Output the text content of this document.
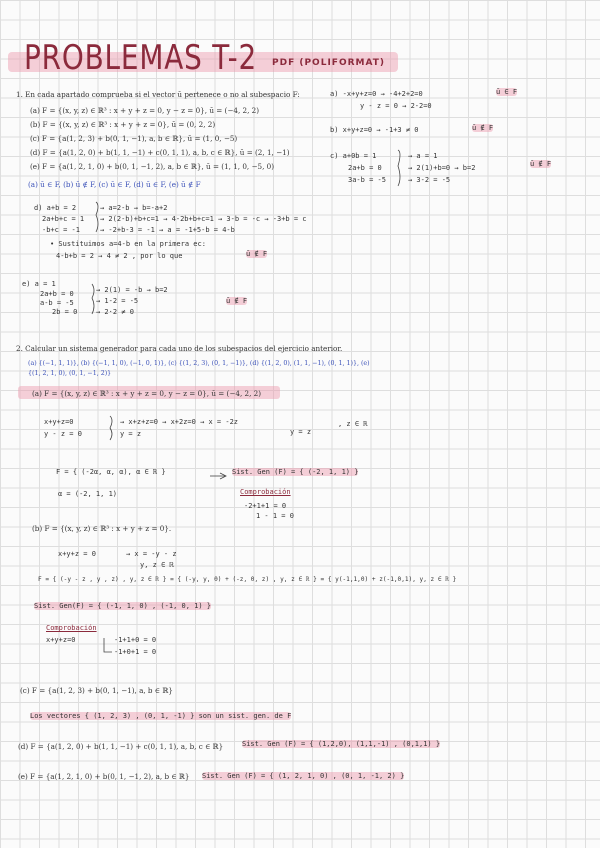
PROBLEMAS T-2 PDF (POLIFORMAT)
1. En cada apartado comprueba si el vector ū pertenece o no al subespacio F:
(a) F = {(x, y, z) ∈ ℝ³ : x + y + z = 0, y − z = 0}, ū = (−4, 2, 2)
(b) F = {(x, y, z) ∈ ℝ³ : x + y + z = 0}, ū = (0, 2, 2)
(c) F = {a(1, 2, 3) + b(0, 1, −1), a, b ∈ ℝ}, ū = (1, 0, −5)
(d) F = {a(1, 2, 0) + b(1, 1, −1) + c(0, 1, 1), a, b, c ∈ ℝ}, ū = (2, 1, −1)
(e) F = {a(1, 2, 1, 0) + b(0, 1, −1, 2), a, b ∈ ℝ}, ū = (1, 1, 0, −5, 0)
(a) ū ∈ F, (b) ū ∉ F, (c) ū ∈ F, (d) ū ∈ F, (e) ū ∉ F
a) -x+y+z=0 → -4+2+2=0	ū ∈ F
y - z = 0 → 2-2=0
b) x+y+z=0 → -1+3 ≠ 0	ū ∉ F
c) a+0b = 1	→ a = 1
2a+b = 0	→ 2(1)+b=0 → b=2	ū ∉ F
3a-b = -5	→ 3-2 = -5
d) a+b = 2	→ a=2-b → b=-a+2
2a+b+c = 1 → 2(2-b)+b+c=1 → 4-2b+b+c=1 → 3-b = -c → -3+b = c
-b+c = -1	→ -2+b-3 = -1 → a = -1+5-b = 4-b
• Sustituimos a=4-b en la primera ec:
4-b+b = 2 → 4 ≠ 2 , por lo que	ū ∉ F
e) a = 1
2a+b = 0	→ 2(1) = -b → b=2
a-b = -5	→ 1-2 = -5	ū ∉ F
2b = 0	→ 2·2 ≠ 0
2. Calcular un sistema generador para cada uno de los subespacios del ejercicio anterior.
(a) {(−1, 1, 1)}, (b) {(−1, 1, 0), (−1, 0, 1)}, (c) {(1, 2, 3), (0, 1, −1)}, (d) {(1, 2, 0), (1, 1, −1), (0, 1, 1)}, (e)
{(1, 2, 1, 0), (0, 1, −1, 2)}
(a) F = {(x, y, z) ∈ ℝ³ : x + y + z = 0, y − z = 0}, ū = (−4, 2, 2)
x+y+z=0	→ x+z+z=0 → x+2z=0 → x = -2z
y - z = 0	y = z	y = z
, z ∈ ℝ
F = { (-2α, α, α), α ∈ ℝ }
α = (-2, 1, 1)
Sist. Gen (F) = { (-2, 1, 1) }
Comprobación
-2+1+1 = 0
1 - 1 = 0
(b) F = {(x, y, z) ∈ ℝ³ : x + y + z = 0}.
x+y+z = 0	→ x = -y - z
y, z ∈ ℝ
F = { (-y - z , y , z) , y, z ∈ ℝ } = { (-y, y, 0) + (-z, 0, z) , y, z ∈ ℝ } = { y(-1,1,0) + z(-1,0,1), y, z ∈ ℝ }
Sist. Gen(F) = { (-1, 1, 0) , (-1, 0, 1) }
Comprobación
x+y+z=0	-1+1+0 = 0
-1+0+1 = 0
(c) F = {a(1, 2, 3) + b(0, 1, −1), a, b ∈ ℝ}
Los vectores { (1, 2, 3) , (0, 1, -1) } son un sist. gen. de F
(d) F = {a(1, 2, 0) + b(1, 1, −1) + c(0, 1, 1), a, b, c ∈ ℝ}	Sist. Gen (F) = { (1,2,0), (1,1,-1) , (0,1,1) }
(e) F = {a(1, 2, 1, 0) + b(0, 1, −1, 2), a, b ∈ ℝ} Sist. Gen (F) = { (1, 2, 1, 0) , (0, 1, -1, 2) }
